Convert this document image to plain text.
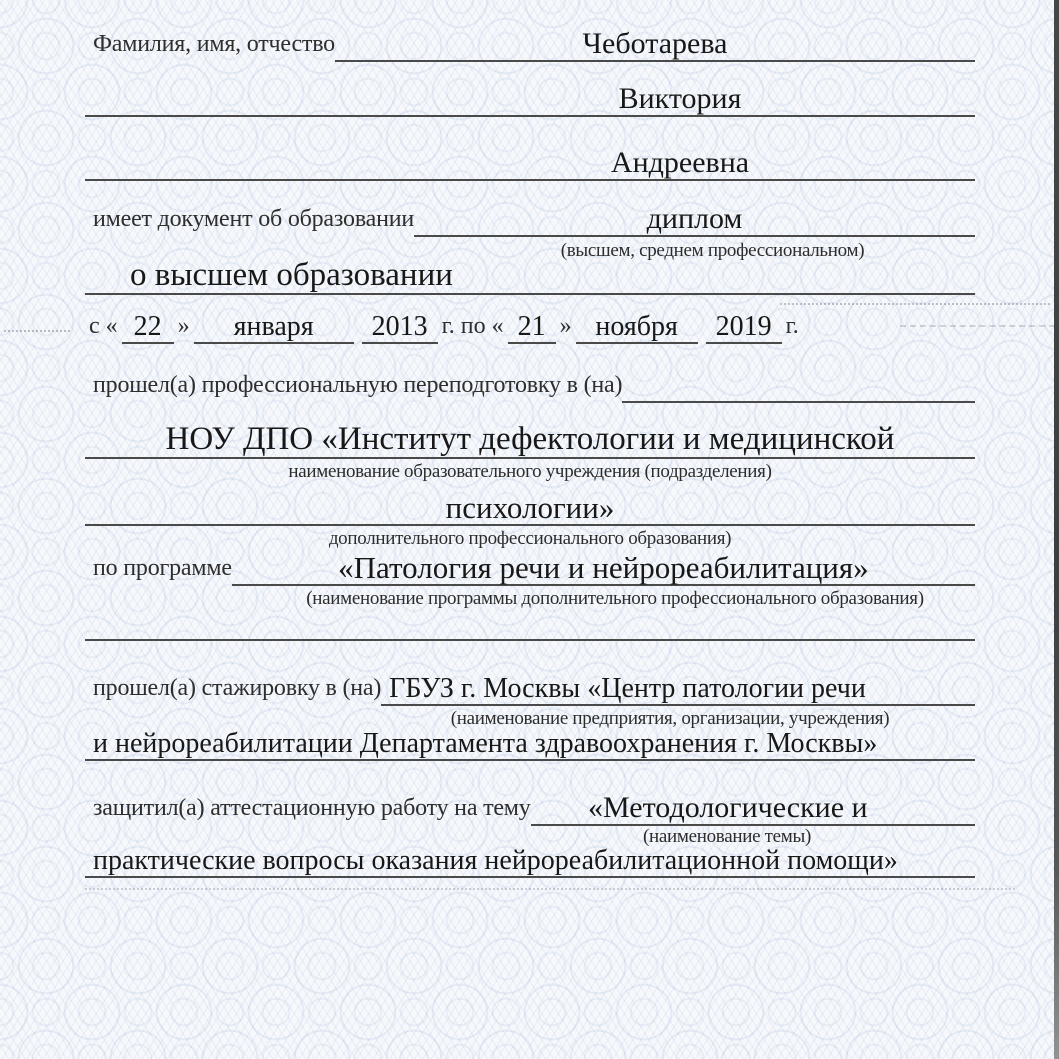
Фамилия, имя, отчество	Чеботарева
Виктория
Андреевна
имеет документ об образовании	диплом
(высшем, среднем профессиональном)
о высшем образовании
с « 22 » января 2013 г. по « 21 » ноября 2019 г.
прошел(а) профессиональную переподготовку в (на)
НОУ ДПО «Институт дефектологии и медицинской
наименование образовательного учреждения (подразделения)
психологии»
дополнительного профессионального образования)
по программе	«Патология речи и нейрореабилитация»
(наименование программы дополнительного профессионального образования)
прошел(а) стажировку в (на) ГБУЗ г. Москвы «Центр патологии речи
(наименование предприятия, организации, учреждения)
и нейрореабилитации Департамента здравоохранения г. Москвы»
защитил(а) аттестационную работу на тему «Методологические и
(наименование темы)
практические вопросы оказания нейрореабилитационной помощи»
